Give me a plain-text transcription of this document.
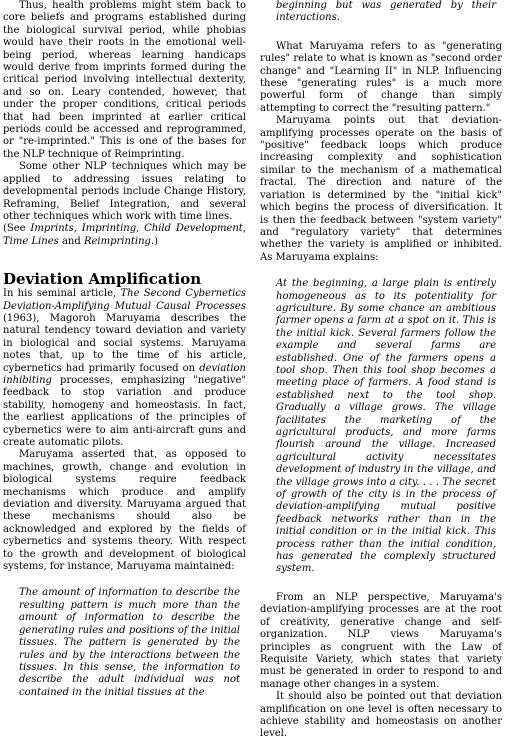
Thus, health problems might stem back to core beliefs and programs established during the biological survival period, while phobias would have their roots in the emotional well-being period, whereas learning handicaps would derive from imprints formed during the critical period involving intellectual dexterity, and so on. Leary contended, however, that under the proper conditions, critical periods that had been imprinted at earlier critical periods could be accessed and reprogrammed, or "re-imprinted." This is one of the bases for the NLP technique of Reimprinting.

Some other NLP techniques which may be applied to addressing issues relating to developmental periods include Change History, Reframing, Belief Integration, and several other techniques which work with time lines.

(See Imprints, Imprinting, Child Development, Time Lines and Reimprinting.)

Deviation Amplification

In his seminal article, The Second Cybernetics Deviation-Amplifying Mutual Causal Processes (1963), Magoroh Maruyama describes the natural tendency toward deviation and variety in biological and social systems. Maruyama notes that, up to the time of his article, cybernetics had primarily focused on deviation inhibiting processes, emphasizing "negative" feedback to stop variation and produce stability, homogeny and homeostasis. In fact, the earliest applications of the principles of cybernetics were to aim anti-aircraft guns and create automatic pilots.

Maruyama asserted that, as opposed to machines, growth, change and evolution in biological systems require feedback mechanisms which produce and amplify deviation and diversity. Maruyama argued that these mechanisms should also be acknowledged and explored by the fields of cybernetics and systems theory. With respect to the growth and development of biological systems, for instance, Maruyama maintained:

The amount of information to describe the resulting pattern is much more than the amount of information to describe the generating rules and positions of the initial tissues. The pattern is generated by the rules and by the interactions between the tissues. In this sense, the information to describe the adult individual was not contained in the initial tissues at the

beginning but was generated by their interactions.

What Maruyama refers to as "generating rules" relate to what is known as "second order change" and "Learning II" in NLP. Influencing these "generating rules" is a much more powerful form of change than simply attempting to correct the "resulting pattern."

Maruyama points out that deviation-amplifying processes operate on the basis of "positive" feedback loops which produce increasing complexity and sophistication similar to the mechanism of a mathematical fractal. The direction and nature of the variation is determined by the "initial kick" which begins the process of diversification. It is then the feedback between "system variety" and "regulatory variety" that determines whether the variety is amplified or inhibited. As Maruyama explains:

At the beginning, a large plain is entirely homogeneous as to its potentiality for agriculture. By some chance an ambitious farmer opens a farm at a spot on it. This is the initial kick. Several farmers follow the example and several farms are established. One of the farmers opens a tool shop. Then this tool shop becomes a meeting place of farmers. A food stand is established next to the tool shop. Gradually a village grows. The village facilitates the marketing of the agricultural products, and more farms flourish around the village. Increased agricultural activity necessitates development of industry in the village, and the village grows into a city. . . . The secret of growth of the city is in the process of deviation-amplifying mutual positive feedback networks rather than in the initial condition or in the initial kick. This process rather than the initial condition, has generated the complexly structured system.

From an NLP perspective, Maruyama's deviation-amplifying processes are at the root of creativity, generative change and self-organization. NLP views Maruyama's principles as congruent with the Law of Requisite Variety, which states that variety must be generated in order to respond to and manage other changes in a system.

It should also be pointed out that deviation amplification on one level is often necessary to achieve stability and homeostasis on another level.
